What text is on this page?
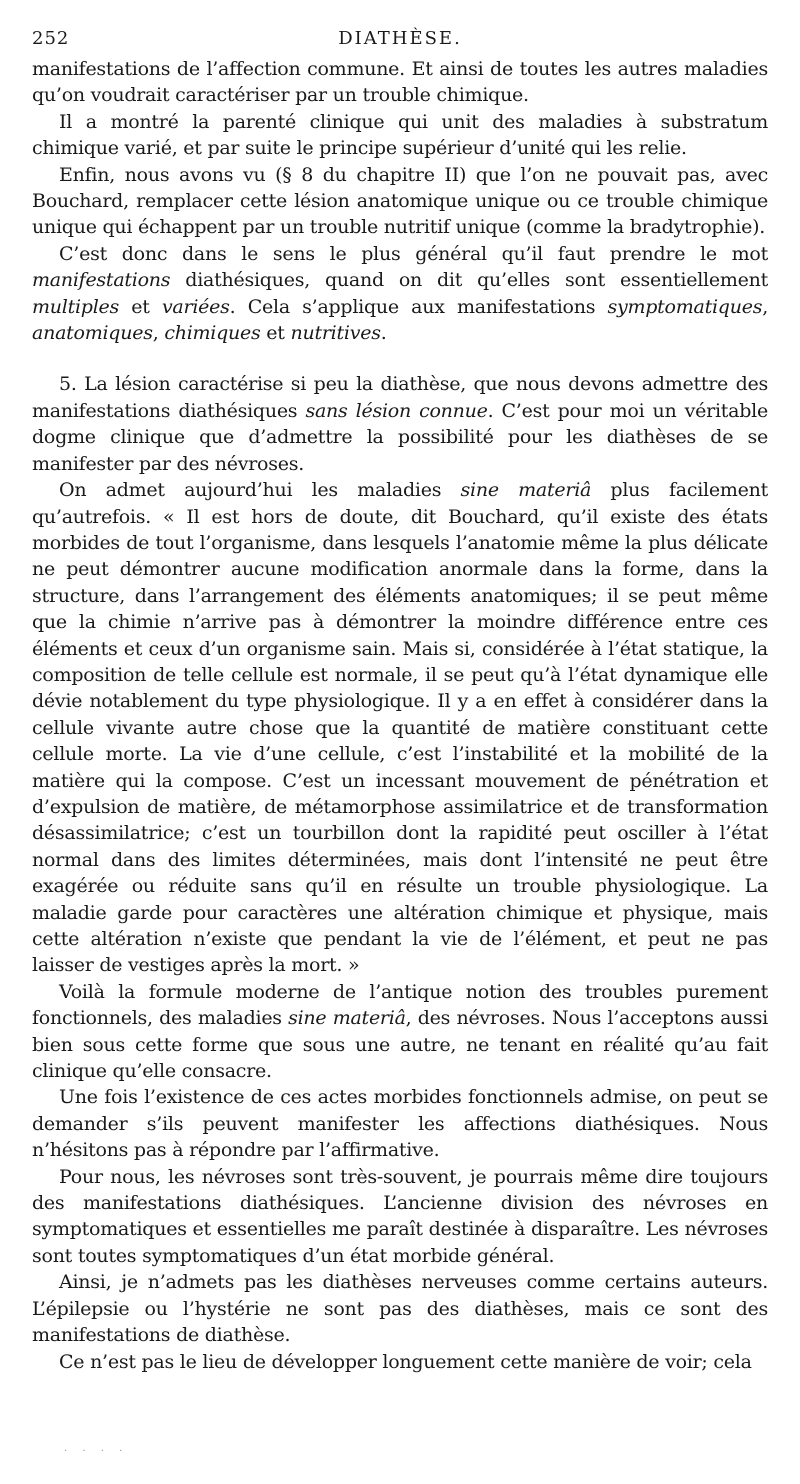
252	DIATHÈSE.

manifestations de l’affection commune. Et ainsi de toutes les autres maladies qu’on voudrait caractériser par un trouble chimique.

Il a montré la parenté clinique qui unit des maladies à substratum chimique varié, et par suite le principe supérieur d’unité qui les relie.

Enfin, nous avons vu (§ 8 du chapitre II) que l’on ne pouvait pas, avec Bouchard, remplacer cette lésion anatomique unique ou ce trouble chimique unique qui échappent par un trouble nutritif unique (comme la bradytrophie).

C’est donc dans le sens le plus général qu’il faut prendre le mot manifestations diathésiques, quand on dit qu’elles sont essentiellement multiples et variées. Cela s’applique aux manifestations symptomatiques, anatomiques, chimiques et nutritives.

5. La lésion caractérise si peu la diathèse, que nous devons admettre des manifestations diathésiques sans lésion connue. C’est pour moi un véritable dogme clinique que d’admettre la possibilité pour les diathèses de se manifester par des névroses.

On admet aujourd’hui les maladies sine materiâ plus facilement qu’autrefois. « Il est hors de doute, dit Bouchard, qu’il existe des états morbides de tout l’organisme, dans lesquels l’anatomie même la plus délicate ne peut démontrer aucune modification anormale dans la forme, dans la structure, dans l’arrangement des éléments anatomiques; il se peut même que la chimie n’arrive pas à démontrer la moindre différence entre ces éléments et ceux d’un organisme sain. Mais si, considérée à l’état statique, la composition de telle cellule est normale, il se peut qu’à l’état dynamique elle dévie notablement du type physiologique. Il y a en effet à considérer dans la cellule vivante autre chose que la quantité de matière constituant cette cellule morte. La vie d’une cellule, c’est l’instabilité et la mobilité de la matière qui la compose. C’est un incessant mouvement de pénétration et d’expulsion de matière, de métamorphose assimilatrice et de transformation désassimilatrice; c’est un tourbillon dont la rapidité peut osciller à l’état normal dans des limites déterminées, mais dont l’intensité ne peut être exagérée ou réduite sans qu’il en résulte un trouble physiologique. La maladie garde pour caractères une altération chimique et physique, mais cette altération n’existe que pendant la vie de l’élément, et peut ne pas laisser de vestiges après la mort. »

Voilà la formule moderne de l’antique notion des troubles purement fonctionnels, des maladies sine materiâ, des névroses. Nous l’acceptons aussi bien sous cette forme que sous une autre, ne tenant en réalité qu’au fait clinique qu’elle consacre.

Une fois l’existence de ces actes morbides fonctionnels admise, on peut se demander s’ils peuvent manifester les affections diathésiques. Nous n’hésitons pas à répondre par l’affirmative.

Pour nous, les névroses sont très-souvent, je pourrais même dire toujours des manifestations diathésiques. L’ancienne division des névroses en symptomatiques et essentielles me paraît destinée à disparaître. Les névroses sont toutes symptomatiques d’un état morbide général.

Ainsi, je n’admets pas les diathèses nerveuses comme certains auteurs. L’épilepsie ou l’hystérie ne sont pas des diathèses, mais ce sont des manifestations de diathèse.

Ce n’est pas le lieu de développer longuement cette manière de voir; cela

· · · ·
